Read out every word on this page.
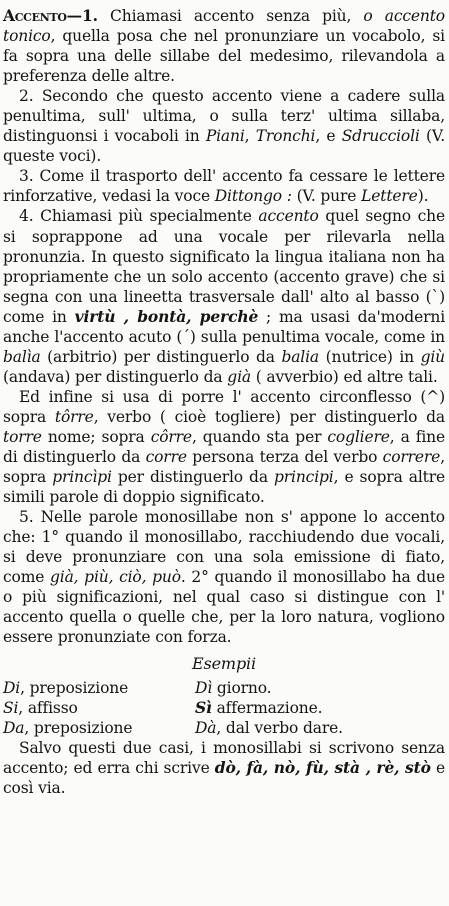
Accento—1. Chiamasi accento senza più, o accento tonico, quella posa che nel pronunziare un vocabolo, si fa sopra una delle sillabe del medesimo, rilevandola a preferenza delle altre.

2. Secondo che questo accento viene a cadere sulla penultima, sull' ultima, o sulla terz' ultima sillaba, distinguonsi i vocaboli in Piani, Tronchi, e Sdruccioli (V. queste voci).

3. Come il trasporto dell' accento fa cessare le lettere rinforzative, vedasi la voce Dittongo : (V. pure Lettere).

4. Chiamasi più specialmente accento quel segno che si soprappone ad una vocale per rilevarla nella pronunzia. In questo significato la lingua italiana non ha propriamente che un solo accento (accento grave) che si segna con una lineetta trasversale dall' alto al basso (`) come in virtù , bontà, perchè ; ma usasi da'moderni anche l'accento acuto (´) sulla penultima vocale, come in balìa (arbitrio) per distinguerlo da balia (nutrice) in giù (andava) per distinguerlo da già ( avverbio) ed altre tali.

Ed infine si usa di porre l' accento circonflesso (^) sopra tôrre, verbo ( cioè togliere) per distinguerlo da torre nome; sopra côrre, quando sta per cogliere, a fine di distinguerlo da corre persona terza del verbo correre, sopra princìpi per distinguerlo da principi, e sopra altre simili parole di doppio significato.

5. Nelle parole monosillabe non s' appone lo accento che: 1° quando il monosillabo, racchiudendo due vocali, si deve pronunziare con una sola emissione di fiato, come già, più, ciò, può. 2° quando il monosillabo ha due o più significazioni, nel qual caso si distingue con l' accento quella o quelle che, per la loro natura, vogliono essere pronunziate con forza.

Esempii
Di, preposizione	Dì giorno.
Si, affisso	Sì affermazione.
Da, preposizione	Dà, dal verbo dare.

Salvo questi due casi, i monosillabi si scrivono senza accento; ed erra chi scrive dò, fà, nò, fù, stà , rè, stò e così via.
